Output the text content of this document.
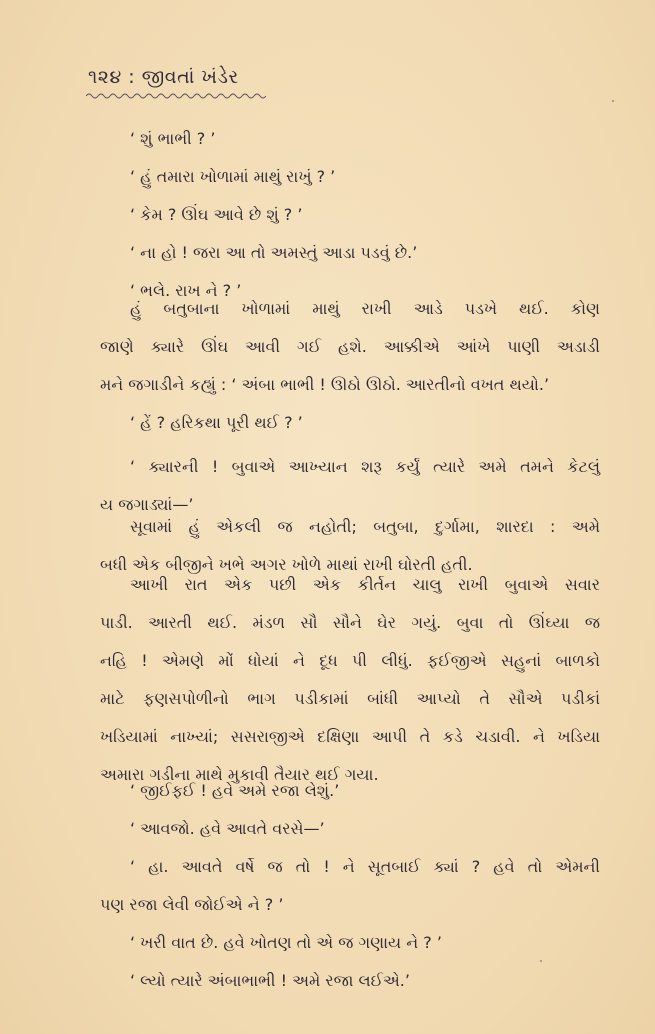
૧૨૪ : જીવતાં ખંડેર
‘ શું ભાભી ? ’
‘ હું તમારા ખોળામાં માથું રાખું ? ’
‘ કેમ ? ઊંઘ આવે છે શું ? ’
‘ ના હો ! જરા આ તો અમસ્તું આડા પડવું છે.’
‘ ભલે. રાખ ને ? ’
હું બતુબાના ખોળામાં માથું રાખી આડે પડખે થઈ. કોણ
જાણે ક્યારે ઊંઘ આવી ગઈ હશે. આક્કીએ આંખે પાણી અડાડી
મને જગાડીને કહ્યું : ‘ અંબા ભાભી ! ઊઠો ઊઠો. આરતીનો વખત થયો.’
‘ હેં ? હરિકથા પૂરી થઈ ? ’
‘ ક્યારની ! બુવાએ આખ્યાન શરૂ કર્યું ત્યારે અમે તમને કેટલું
ય જગાડ્યાં—’
સૂવામાં હું એકલી જ નહોતી; બતુબા, દુર્ગામા, શારદા : અમે
બધી એક બીજીને ખભે અગર ખોળે માથાં રાખી ઘોરતી હતી.
આખી રાત એક પછી એક કીર્તન ચાલુ રાખી બુવાએ સવાર
પાડી. આરતી થઈ. મંડળ સૌ સૌને ઘેર ગયું. બુવા તો ઊંઘ્યા જ
નહિ ! એમણે મોં ધોયાં ને દૂધ પી લીધું. ફઈજીએ સહુનાં બાળકો
માટે ફણસપોળીનો ભાગ પડીકામાં બાંધી આપ્યો તે સૌએ પડીકાં
ખડિયામાં નાખ્યાં; સસરાજીએ દક્ષિણા આપી તે કડે ચડાવી. ને ખડિયા
અમારા ગડીના માથે મુકાવી તૈયાર થઈ ગયા.
‘ જીઈફઈ ! હવે અમે રજા લેશું.’
‘ આવજો. હવે આવતે વરસે—’
‘ હા. આવતે વર્ષે જ તો ! ને સૂતબાઈ ક્યાં ? હવે તો એમની
પણ રજા લેવી જોઈએ ને ? ’
‘ ખરી વાત છે. હવે ખોતણ તો એ જ ગણાય ને ? ’
‘ લ્યો ત્યારે અંબાભાભી ! અમે રજા લઈએ.’
